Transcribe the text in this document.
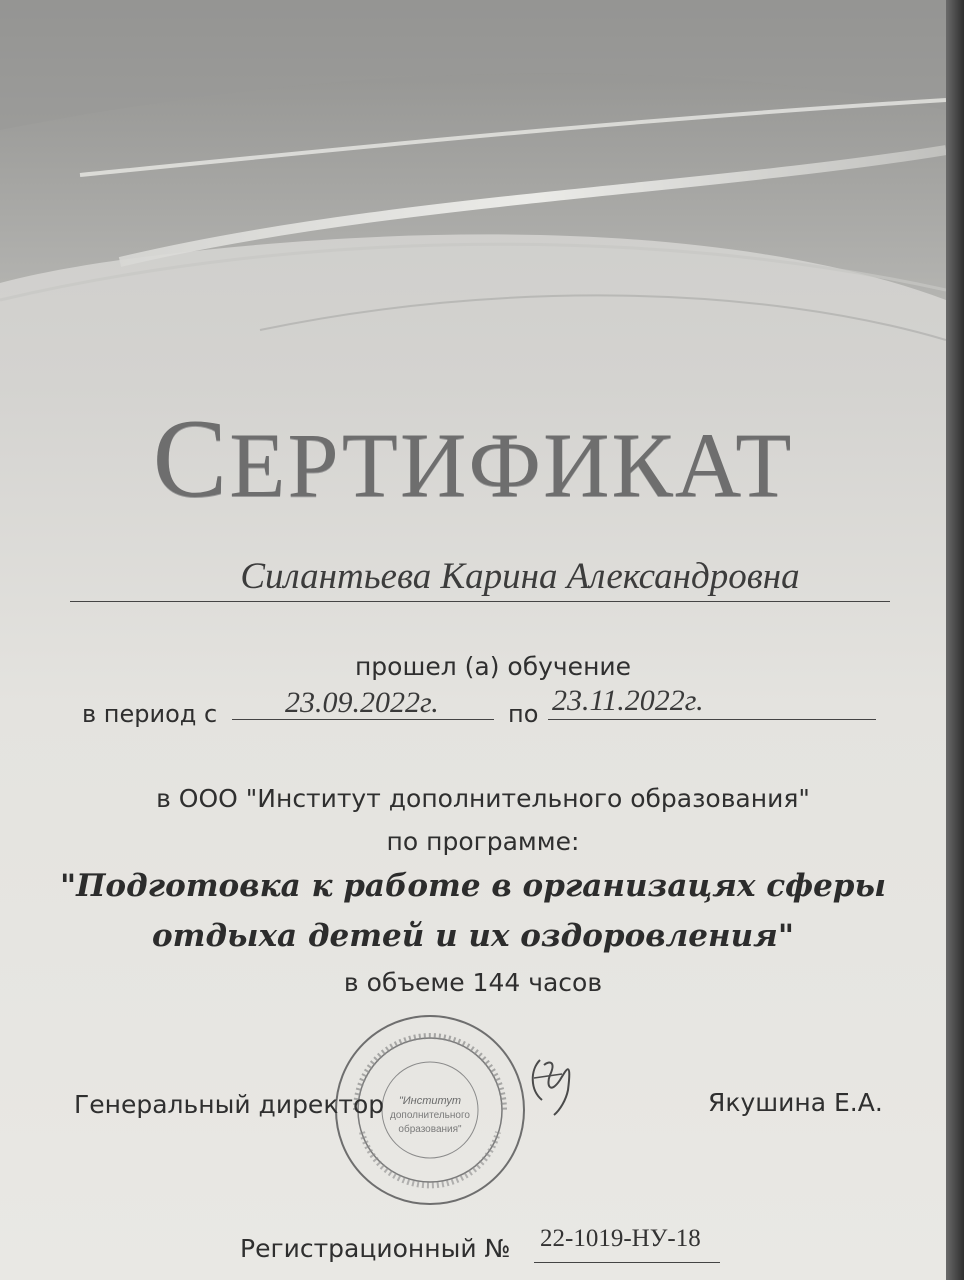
СЕРТИФИКАТ
Силантьева Карина Александровна
прошел (а) обучение
в период с 23.09.2022г.	по 23.11.2022г.
в ООО "Институт дополнительного образования"
по программе:
"Подготовка к работе в организацях сферы
отдыха детей и их оздоровления"
в объеме 144 часов
"Институт
дополнительного
образования"
Генеральный директор	Якушина Е.А.
Регистрационный № 22-1019-НУ-18
